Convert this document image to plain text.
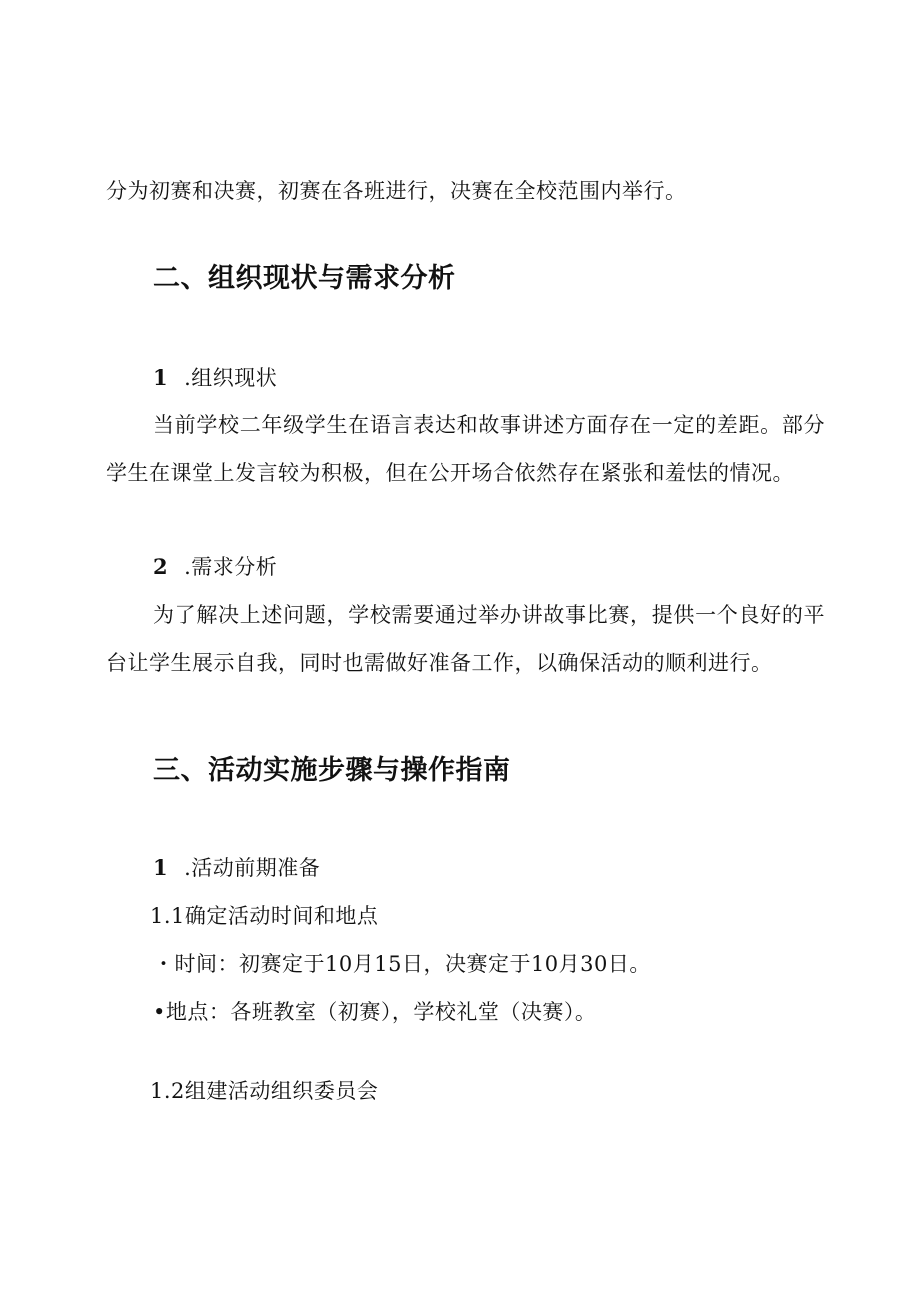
分为初赛和决赛，初赛在各班进行，决赛在全校范围内举行。
二、组织现状与需求分析
1 .组织现状
当前学校二年级学生在语言表达和故事讲述方面存在一定的差距。部分
学生在课堂上发言较为积极，但在公开场合依然存在紧张和羞怯的情况。
2 .需求分析
为了解决上述问题，学校需要通过举办讲故事比赛，提供一个良好的平
台让学生展示自我，同时也需做好准备工作，以确保活动的顺利进行。
三、活动实施步骤与操作指南
1 .活动前期准备
1.1确定活动时间和地点
・时间：初赛定于10月15日，决赛定于10月30日。
•地点：各班教室（初赛），学校礼堂（决赛）。
1.2组建活动组织委员会
